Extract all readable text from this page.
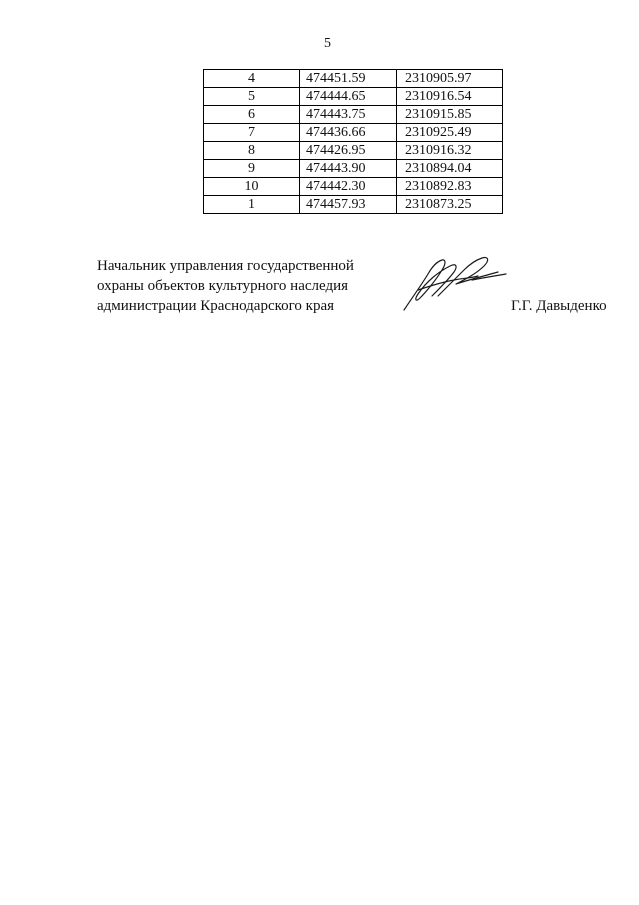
5
4	474451.59	2310905.97
5	474444.65	2310916.54
6	474443.75	2310915.85
7	474436.66	2310925.49
8	474426.95	2310916.32
9	474443.90	2310894.04
10	474442.30	2310892.83
1	474457.93	2310873.25
Начальник управления государственной
охраны объектов культурного наследия
администрации Краснодарского края	Г.Г. Давыденко
